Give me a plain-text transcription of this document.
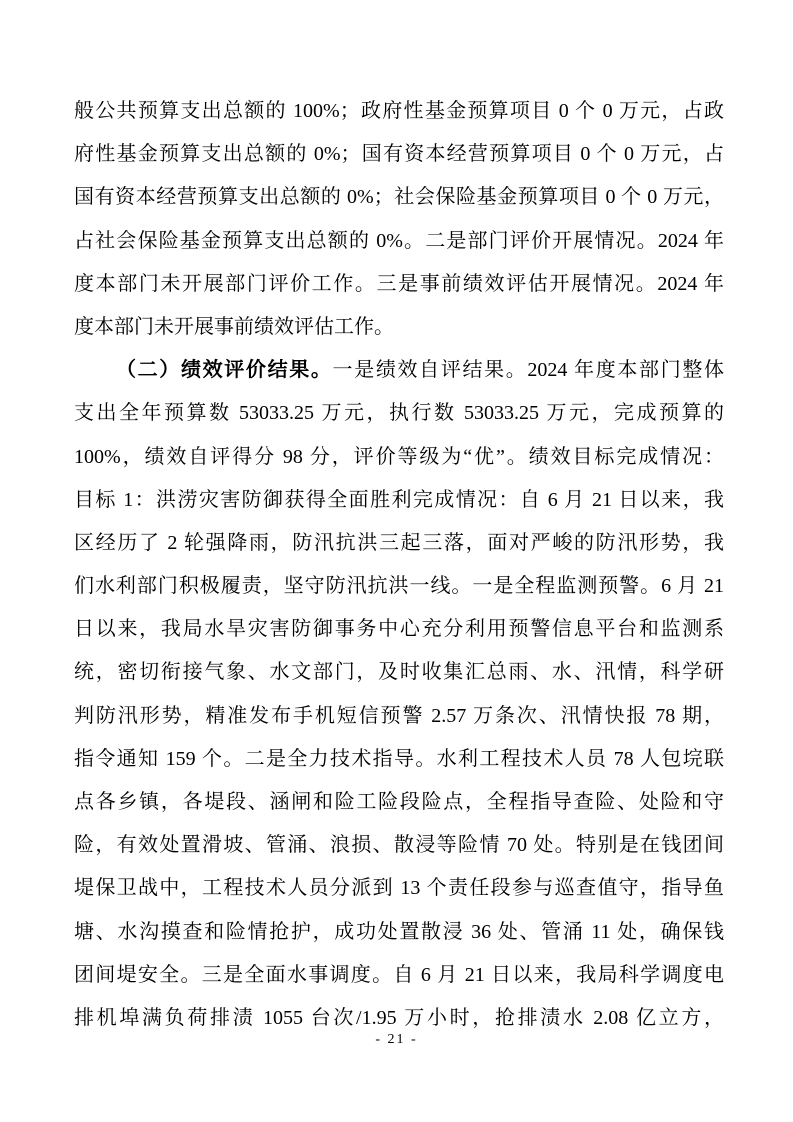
般公共预算支出总额的 100%；政府性基金预算项目 0 个 0 万元，占政
府性基金预算支出总额的 0%；国有资本经营预算项目 0 个 0 万元，占
国有资本经营预算支出总额的 0%；社会保险基金预算项目 0 个 0 万元，
占社会保险基金预算支出总额的 0%。二是部门评价开展情况。2024 年
度本部门未开展部门评价工作。三是事前绩效评估开展情况。2024 年
度本部门未开展事前绩效评估工作。
（二）绩效评价结果。一是绩效自评结果。2024 年度本部门整体
支出全年预算数 53033.25 万元，执行数 53033.25 万元，完成预算的
100%，绩效自评得分 98 分，评价等级为“优”。绩效目标完成情况：
目标 1：洪涝灾害防御获得全面胜利完成情况：自 6 月 21 日以来，我
区经历了 2 轮强降雨，防汛抗洪三起三落，面对严峻的防汛形势，我
们水利部门积极履责，坚守防汛抗洪一线。一是全程监测预警。6 月 21
日以来，我局水旱灾害防御事务中心充分利用预警信息平台和监测系
统，密切衔接气象、水文部门，及时收集汇总雨、水、汛情，科学研
判防汛形势，精准发布手机短信预警 2.57 万条次、汛情快报 78 期，
指令通知 159 个。二是全力技术指导。水利工程技术人员 78 人包垸联
点各乡镇，各堤段、涵闸和险工险段险点，全程指导查险、处险和守
险，有效处置滑坡、管涌、浪损、散浸等险情 70 处。特别是在钱团间
堤保卫战中，工程技术人员分派到 13 个责任段参与巡查值守，指导鱼
塘、水沟摸查和险情抢护，成功处置散浸 36 处、管涌 11 处，确保钱
团间堤安全。三是全面水事调度。自 6 月 21 日以来，我局科学调度电
排机埠满负荷排渍 1055 台次/1.95 万小时，抢排渍水 2.08 亿立方，
- 21 -
